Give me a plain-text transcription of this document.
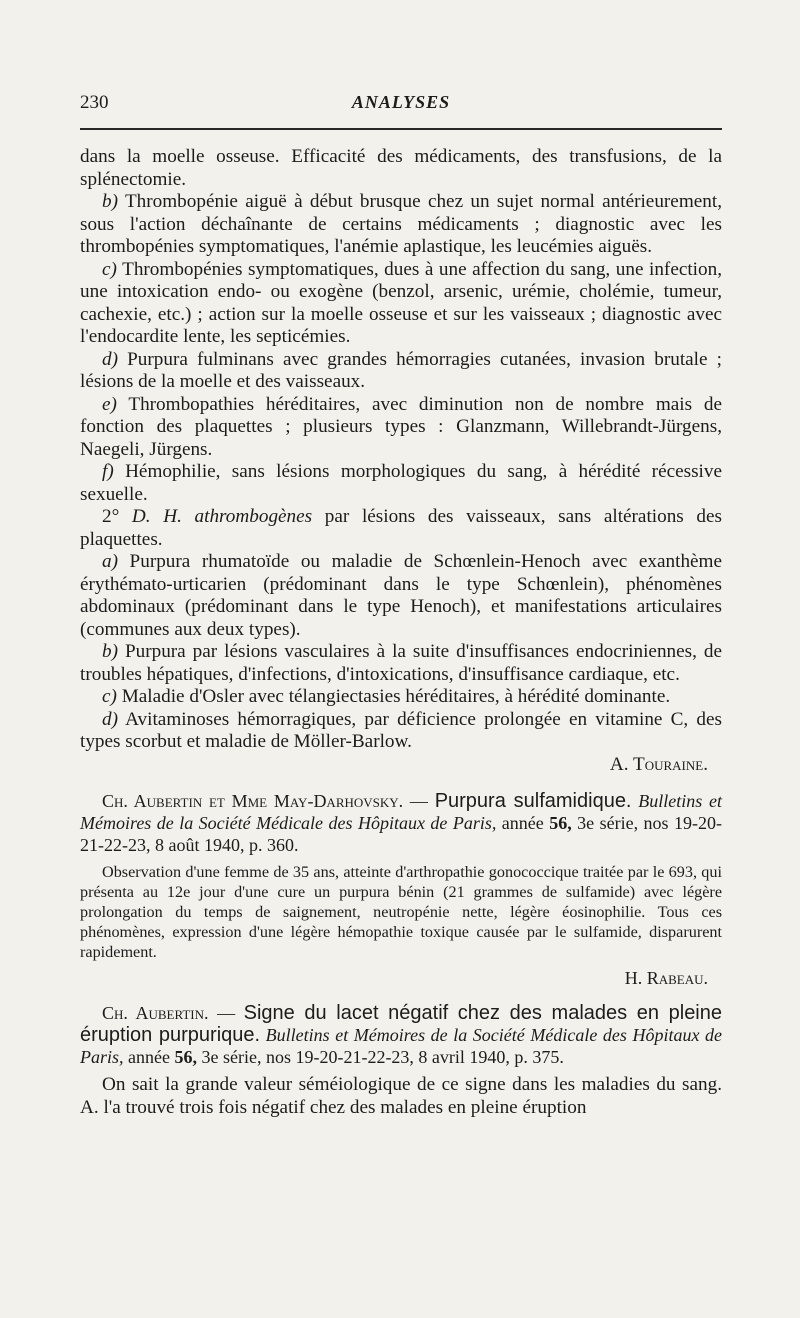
230	ANALYSES

dans la moelle osseuse. Efficacité des médicaments, des transfusions, de la splénectomie.

b) Thrombopénie aiguë à début brusque chez un sujet normal antérieurement, sous l'action déchaînante de certains médicaments ; diagnostic avec les thrombopénies symptomatiques, l'anémie aplastique, les leucémies aiguës.

c) Thrombopénies symptomatiques, dues à une affection du sang, une infection, une intoxication endo- ou exogène (benzol, arsenic, urémie, cholémie, tumeur, cachexie, etc.) ; action sur la moelle osseuse et sur les vaisseaux ; diagnostic avec l'endocardite lente, les septicémies.

d) Purpura fulminans avec grandes hémorragies cutanées, invasion brutale ; lésions de la moelle et des vaisseaux.

e) Thrombopathies héréditaires, avec diminution non de nombre mais de fonction des plaquettes ; plusieurs types : Glanzmann, Willebrandt-Jürgens, Naegeli, Jürgens.

f) Hémophilie, sans lésions morphologiques du sang, à hérédité récessive sexuelle.

2° D. H. athrombogènes par lésions des vaisseaux, sans altérations des plaquettes.

a) Purpura rhumatoïde ou maladie de Schœnlein-Henoch avec exanthème érythémato-urticarien (prédominant dans le type Schœnlein), phénomènes abdominaux (prédominant dans le type Henoch), et manifestations articulaires (communes aux deux types).

b) Purpura par lésions vasculaires à la suite d'insuffisances endocriniennes, de troubles hépatiques, d'infections, d'intoxications, d'insuffisance cardiaque, etc.

c) Maladie d'Osler avec télangiectasies héréditaires, à hérédité dominante.

d) Avitaminoses hémorragiques, par déficience prolongée en vitamine C, des types scorbut et maladie de Möller-Barlow.

A. Touraine.

Ch. Aubertin et Mme May-Darhovsky. — Purpura sulfamidique. Bulletins et Mémoires de la Société Médicale des Hôpitaux de Paris, année 56, 3e série, nos 19-20-21-22-23, 8 août 1940, p. 360.

Observation d'une femme de 35 ans, atteinte d'arthropathie gonococcique traitée par le 693, qui présenta au 12e jour d'une cure un purpura bénin (21 grammes de sulfamide) avec légère prolongation du temps de saignement, neutropénie nette, légère éosinophilie. Tous ces phénomènes, expression d'une légère hémopathie toxique causée par le sulfamide, disparurent rapidement.

H. Rabeau.

Ch. Aubertin. — Signe du lacet négatif chez des malades en pleine éruption purpurique. Bulletins et Mémoires de la Société Médicale des Hôpitaux de Paris, année 56, 3e série, nos 19-20-21-22-23, 8 avril 1940, p. 375.

On sait la grande valeur séméiologique de ce signe dans les maladies du sang. A. l'a trouvé trois fois négatif chez des malades en pleine éruption
